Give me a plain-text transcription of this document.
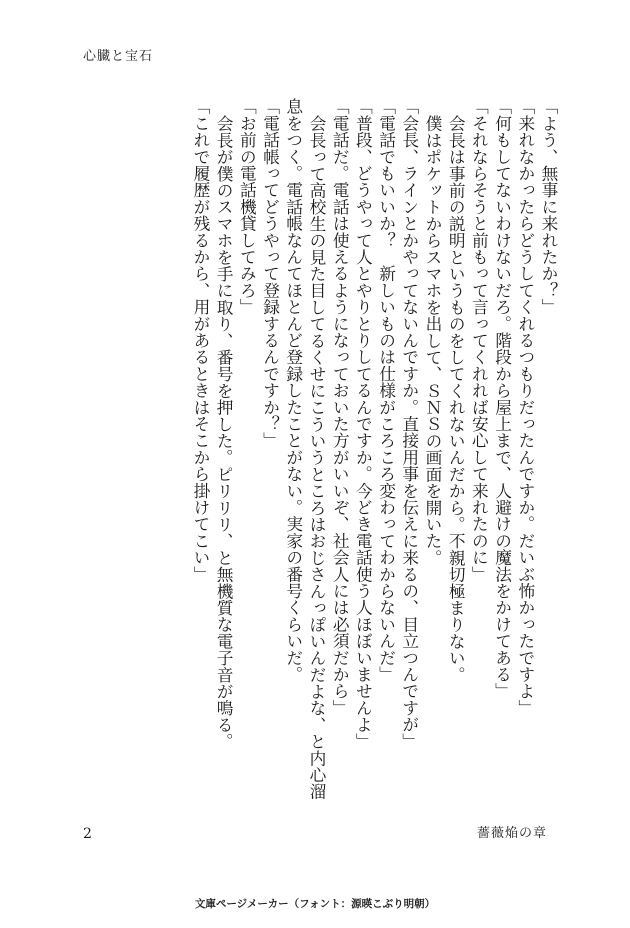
心臓と宝石

「よう、無事に来れたか？」

「来れなかったらどうしてくれるつもりだったんですか。だいぶ怖かったですよ」

「何もしてないわけないだろ。階段から屋上まで、人避けの魔法をかけてある」

「それならそうと前もって言ってくれれば安心して来れたのに」

会長は事前の説明というものをしてくれないんだから。不親切極まりない。

僕はポケットからスマホを出して、ＳＮＳの画面を開いた。

「会長、ラインとかやってないんですか。直接用事を伝えに来るの、目立つんですが」

「電話でもいいか？　新しいものは仕様がころころ変わってわからないんだ」

「普段、どうやって人とやりとりしてるんですか。今どき電話使う人ほぼいませんよ」

「電話だ。電話は使えるようになっておいた方がいいぞ、社会人には必須だから」

会長って高校生の見た目してるくせにこういうところはおじさんっぽいんだよな、と内心溜息をつく。電話帳なんてほとんど登録したことがない。実家の番号くらいだ。

「電話帳ってどうやって登録するんですか？」

「お前の電話機貸してみろ」

会長が僕のスマホを手に取り、番号を押した。ピリリリ、と無機質な電子音が鳴る。

「これで履歴が残るから、用があるときはそこから掛けてこい」

2	薔薇焔の章
文庫ページメーカー（フォント：源暎こぶり明朝）
